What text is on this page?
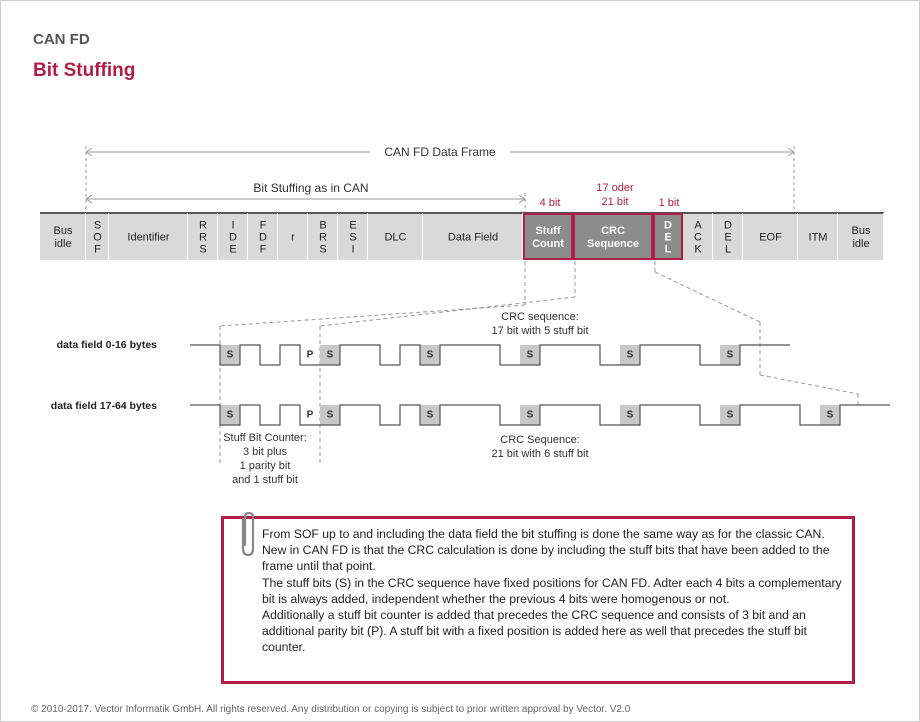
CAN FD
Bit Stuffing
CAN FD Data Frame
Bit Stuffing as in CAN
4 bit
17 oder
21 bit	1 bit
Bus
idle
S
O
F
Identifier
R
R
S
I
D
E
F
D
F
r
B
R
S
E
S
I
DLC	Data Field
Stuff
Count
CRC
Sequence
D
E
L
A
C
K
D
E
L
EOF ITM
Bus
idle
data field 0-16 bytes
data field 17-64 bytes
CRC sequence:
17 bit with 5 stuff bit
CRC Sequence:
21 bit with 6 stuff bit
Stuff Bit Counter:
3 bit plus
1 parity bit
and 1 stuff bit
S	P S	S	S	S	S
S	P S	S	S	S	S	S

From SOF up to and including the data field the bit stuffing is done the same way as for the classic CAN.

New in CAN FD is that the CRC calculation is done by including the stuff bits that have been added to the frame until that point.

The stuff bits (S) in the CRC sequence have fixed positions for CAN FD. Adter each 4 bits a complementary bit is always added, independent whether the previous 4 bits were homogenous or not.

Additionally a stuff bit counter is added that precedes the CRC sequence and consists of 3 bit and an additional parity bit (P). A stuff bit with a fixed position is added here as well that precedes the stuff bit counter.

© 2010-2017. Vector Informatik GmbH. All rights reserved. Any distribution or copying is subject to prior written approval by Vector. V2.0
